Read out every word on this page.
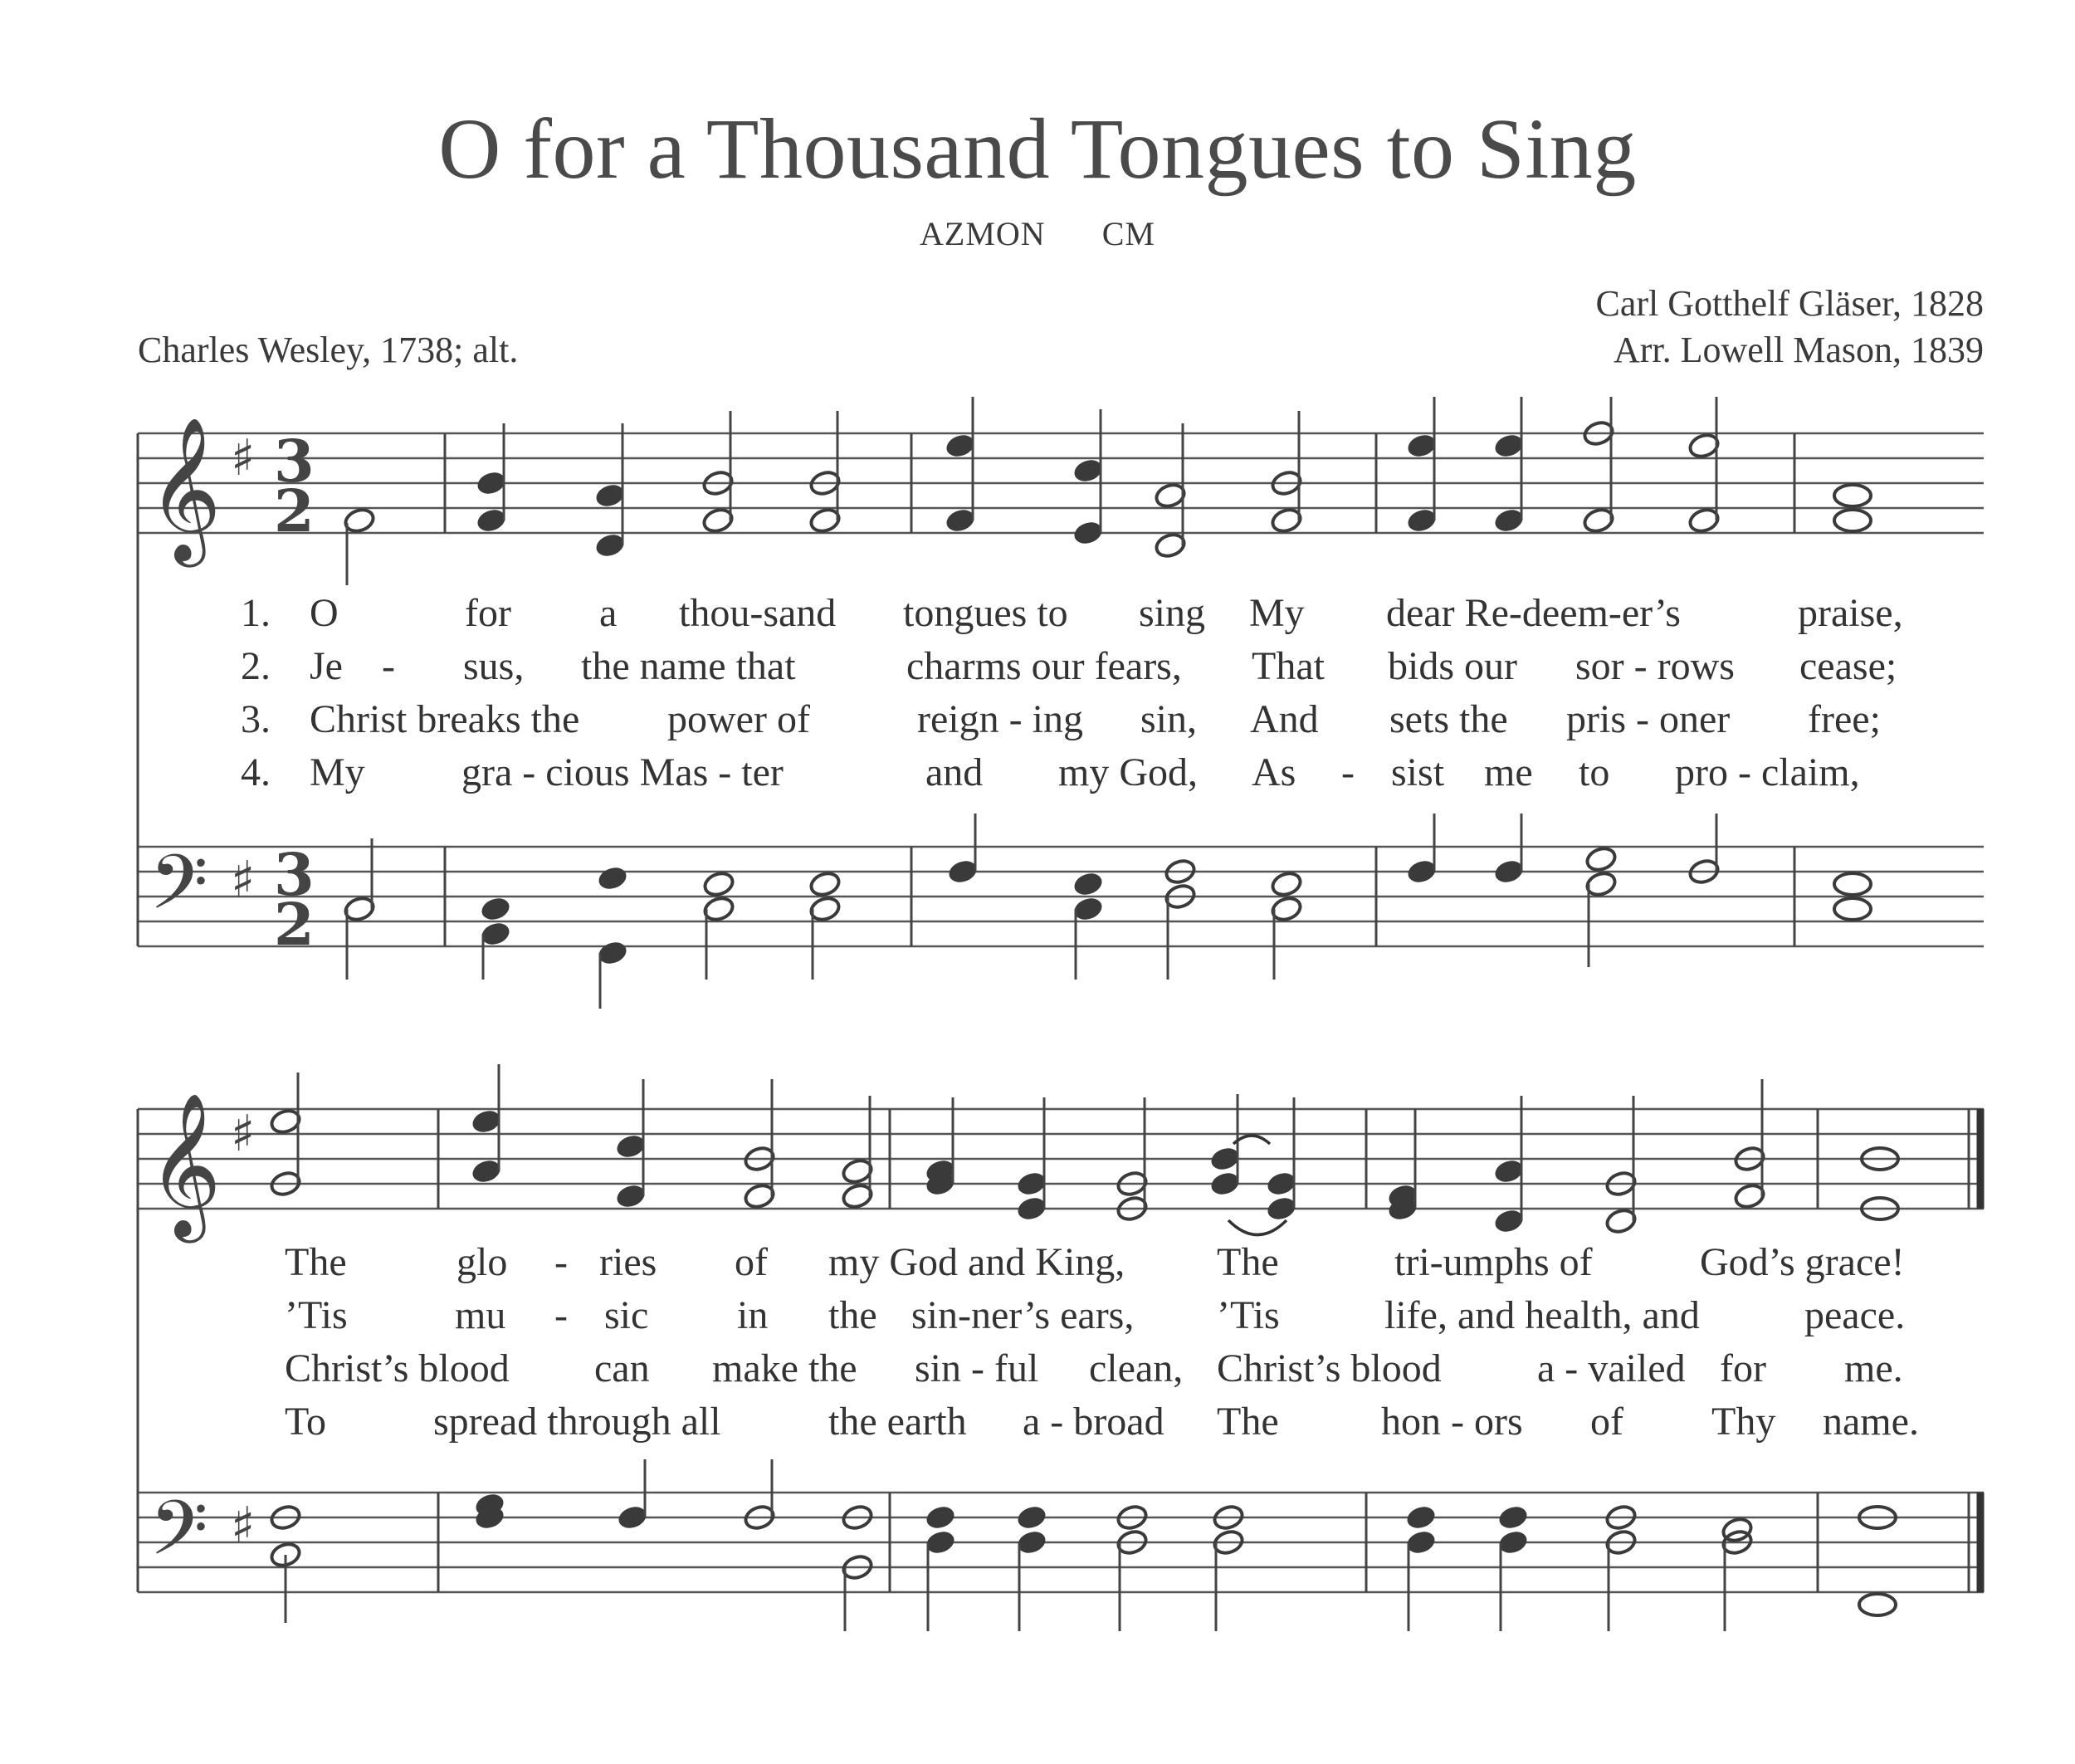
O for a Thousand Tongues to Sing
AZMON CM
Charles Wesley, 1738; alt.
Carl Gotthelf Gläser, 1828
Arr. Lowell Mason, 1839
𝄞
𝄢
♯
♯
3
2
3
2
1.
2.
3.
4.
O	for a thou-sand tongues to sing My dear Re-deem-er’s	praise,
Je - sus, the name that	charms our fears, That bids our sor - rows cease;
Christ breaks the power of	reign - ing sin, And sets the pris - oner free;
My gra - cious Mas - ter	and my God, As - sist me to pro - claim,
𝄞
𝄢
♯
♯
The	glo - ries of my God and King, The	tri-umphs of	God’s grace!
’Tis	mu - sic in the sin-ner’s ears, ’Tis	life, and health, and	peace.
Christ’s blood can make the sin - ful clean, Christ’s blood a - vailed for me.
To	spread through all	the earth a - broad The	hon - ors of Thy name.
